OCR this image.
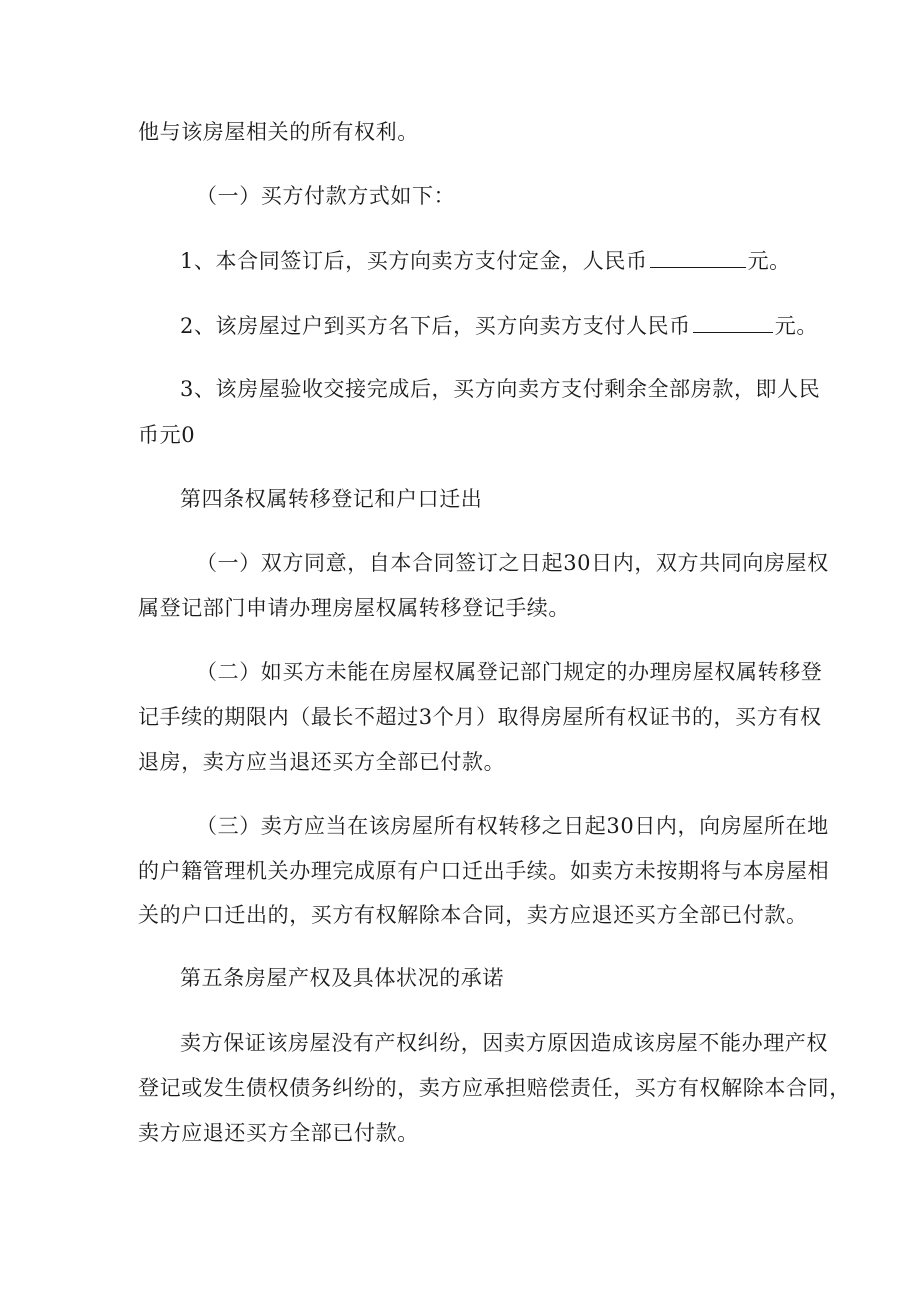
他与该房屋相关的所有权利。
（一）买方付款方式如下：
1、本合同签订后，买方向卖方支付定金，人民币	元。
2、该房屋过户到买方名下后，买方向卖方支付人民币	元。
3、该房屋验收交接完成后，买方向卖方支付剩余全部房款，即人民
币元0
第四条权属转移登记和户口迁出
（一）双方同意，自本合同签订之日起30日内，双方共同向房屋权
属登记部门申请办理房屋权属转移登记手续。
（二）如买方未能在房屋权属登记部门规定的办理房屋权属转移登
记手续的期限内（最长不超过3个月）取得房屋所有权证书的，买方有权
退房，卖方应当退还买方全部已付款。
（三）卖方应当在该房屋所有权转移之日起30日内，向房屋所在地
的户籍管理机关办理完成原有户口迁出手续。如卖方未按期将与本房屋相
关的户口迁出的，买方有权解除本合同，卖方应退还买方全部已付款。
第五条房屋产权及具体状况的承诺
卖方保证该房屋没有产权纠纷，因卖方原因造成该房屋不能办理产权
登记或发生债权债务纠纷的，卖方应承担赔偿责任，买方有权解除本合同，
卖方应退还买方全部已付款。
